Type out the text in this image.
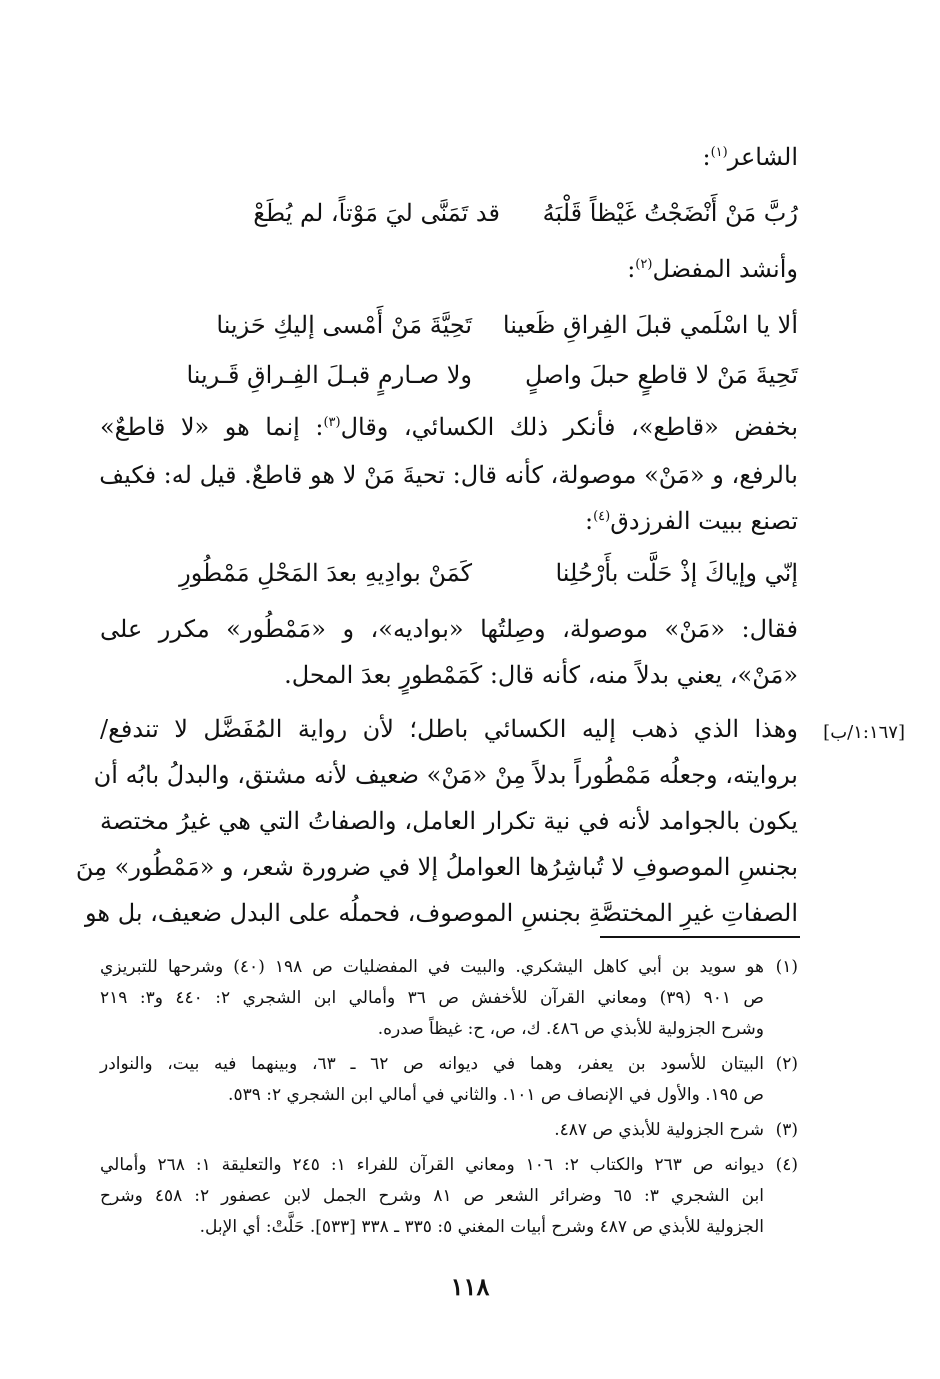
الشاعر$^{(١)}$:
رُبَّ مَنْ أَنْضَجْتُ غَيْظاً قَلْبَهُ
قد تَمَنَّى ليَ مَوْتاً، لم يُطَعْ
وأنشد المفضل$^{(٢)}$:
ألا يا اسْلَمي قبلَ الفِراقِ ظَعينا
تَحِيَّةَ مَنْ أَمْسى إليكِ حَزينا
تَحِيةَ مَنْ لا قاطعٍ حبلَ واصلٍ
ولا صـارمٍ قبـلَ الفِـراقِ قَـرينا
بخفض «قاطع»، فأنكر ذلك الكسائي، وقال$^{(٣)}$: إنما هو «لا قاطعٌ»
بالرفع، و «مَنْ» موصولة، كأنه قال: تحيةَ مَنْ لا هو قاطعٌ. قيل له: فكيف
تصنع ببيت الفرزدق$^{(٤)}$:
إنّي وإياكَ إذْ حَلَّت بأَرْحُلِنا
كَمَنْ بوادِيهِ بعدَ المَحْلِ مَمْطُورِ
فقال: «مَنْ» موصولة، وصِلتُها «بواديه»، و «مَمْطُور» مكرر على
«مَنْ»، يعني بدلاً منه، كأنه قال: كَمَمْطورٍ بعدَ المحل.
[١:١٦٧/ب]
وهذا الذي ذهب إليه الكسائي باطل؛ لأن رواية المُفَضَّل لا تندفع/
بروايته، وجعلُه مَمْطُوراً بدلاً مِنْ «مَنْ» ضعيف لأنه مشتق، والبدلُ بابُه أن
يكون بالجوامد لأنه في نية تكرار العامل، والصفاتُ التي هي غيرُ مختصة
بجنسِ الموصوفِ لا تُباشِرُها العواملُ إلا في ضرورة شعر، و «مَمْطُور» مِنَ
الصفاتِ غيرِ المختصَّةِ بجنسِ الموصوف، فحملُه على البدل ضعيف، بل هو
(١)
هو سويد بن أبي كاهل اليشكري. والبيت في المفضليات ص ١٩٨ (٤٠) وشرحها للتبريزي
ص ٩٠١ (٣٩) ومعاني القرآن للأخفش ص ٣٦ وأمالي ابن الشجري ٢: ٤٤٠ و٣: ٢١٩
وشرح الجزولية للأبذي ص ٤٨٦. ك، ص، ح: غيظاً صدره.
(٢)
البيتان للأسود بن يعفر، وهما في ديوانه ص ٦٢ ـ ٦٣، وبينهما فيه بيت، والنوادر
ص ١٩٥. والأول في الإنصاف ص ١٠١. والثاني في أمالي ابن الشجري ٢: ٥٣٩.
(٣)
شرح الجزولية للأبذي ص ٤٨٧.
(٤)
ديوانه ص ٢٦٣ والكتاب ٢: ١٠٦ ومعاني القرآن للفراء ١: ٢٤٥ والتعليقة ١: ٢٦٨ وأمالي
ابن الشجري ٣: ٦٥ وضرائر الشعر ص ٨١ وشرح الجمل لابن عصفور ٢: ٤٥٨ وشرح
الجزولية للأبذي ص ٤٨٧ وشرح أبيات المغني ٥: ٣٣٥ ـ ٣٣٨ [٥٣٣]. حَلَّتْ: أي الإبل.
١١٨
